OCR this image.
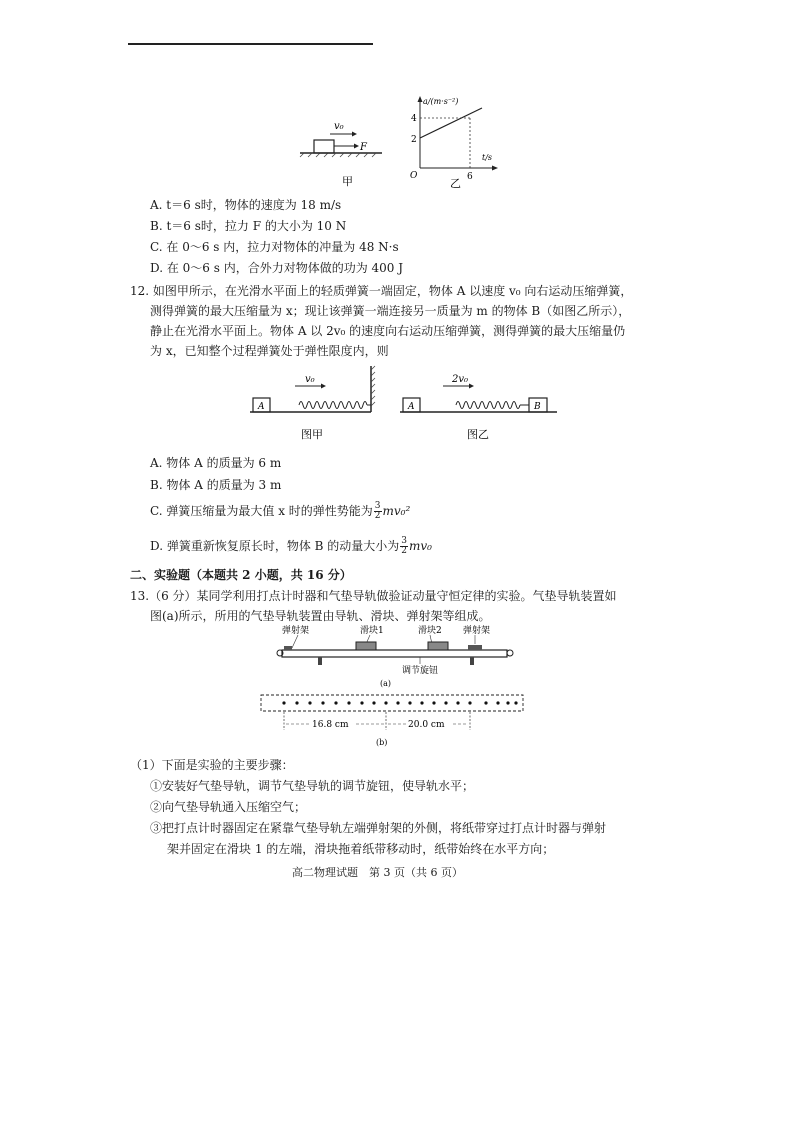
v₀
F
甲
a/(m·s⁻²)
t/s
4
2
6
O
乙
A. t＝6 s时，物体的速度为 18 m/s
B. t＝6 s时，拉力 F 的大小为 10 N
C. 在 0～6 s 内，拉力对物体的冲量为 48 N·s
D. 在 0～6 s 内，合外力对物体做的功为 400 J
12. 如图甲所示，在光滑水平面上的轻质弹簧一端固定，物体 A 以速度 v₀ 向右运动压缩弹簧，
测得弹簧的最大压缩量为 x；现让该弹簧一端连接另一质量为 m 的物体 B（如图乙所示），
静止在光滑水平面上。物体 A 以 2v₀ 的速度向右运动压缩弹簧，测得弹簧的最大压缩量仍
为 x，已知整个过程弹簧处于弹性限度内，则
A
v₀
图甲
A	B
2v₀
图乙
A. 物体 A 的质量为 6 m
B. 物体 A 的质量为 3 m
C. 弹簧压缩量为最大值 x 时的弹性势能为 $\frac{3}{2} mv_0^2$
D. 弹簧重新恢复原长时，物体 B 的动量大小为 $\frac{3}{2} mv_0$
二、实验题（本题共 2 小题，共 16 分）
13.（6 分）某同学利用打点计时器和气垫导轨做验证动量守恒定律的实验。气垫导轨装置如
图(a)所示，所用的气垫导轨装置由导轨、滑块、弹射架等组成。
弹射架	滑块1	滑块2 弹射架
调节旋钮
(a)
16.8 cm	20.0 cm
(b)
（1）下面是实验的主要步骤：
①安装好气垫导轨，调节气垫导轨的调节旋钮，使导轨水平；
②向气垫导轨通入压缩空气；
③把打点计时器固定在紧靠气垫导轨左端弹射架的外侧，将纸带穿过打点计时器与弹射
架并固定在滑块 1 的左端，滑块拖着纸带移动时，纸带始终在水平方向；
高二物理试题　第 3 页（共 6 页）
